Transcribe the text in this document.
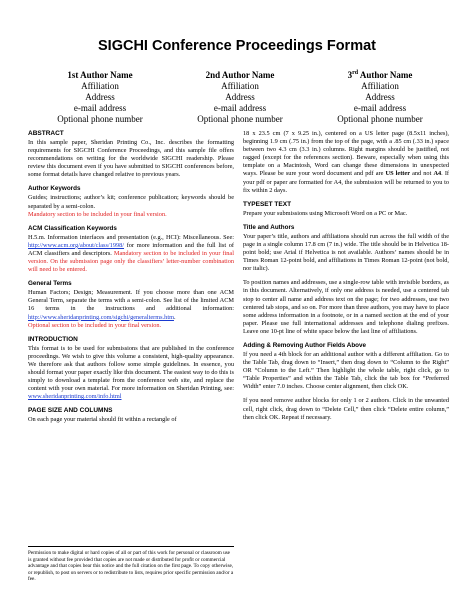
SIGCHI Conference Proceedings Format
1st Author Name
Affiliation
Address
e-mail address
Optional phone number
2nd Author Name
Affiliation
Address
e-mail address
Optional phone number
3rd Author Name
Affiliation
Address
e-mail address
Optional phone number
ABSTRACT

In this sample paper, Sheridan Printing Co., Inc. describes the formatting requirements for SIGCHI Conference Proceedings, and this sample file offers recommendations on writing for the worldwide SIGCHI readership. Please review this document even if you have submitted to SIGCHI conferences before, some format details have changed relative to previous years.

Author Keywords

Guides; instructions; author’s kit; conference publication; keywords should be separated by a semi-colon.
Mandatory section to be included in your final version.

ACM Classification Keywords

H.5.m. Information interfaces and presentation (e.g., HCI): Miscellaneous. See: http://www.acm.org/about/class/1998/ for more information and the full list of ACM classifiers and descriptors. Mandatory section to be included in your final version. On the submission page only the classifiers’ letter-number combination will need to be entered.

General Terms

Human Factors; Design; Measurement. If you choose more than one ACM General Term, separate the terms with a semi-colon. See list of the limited ACM 16 terms in the instructions and additional information: http://www.sheridanprinting.com/sigchi/generalterms.htm.
Optional section to be included in your final version.

INTRODUCTION

This format is to be used for submissions that are published in the conference proceedings. We wish to give this volume a consistent, high-quality appearance. We therefore ask that authors follow some simple guidelines. In essence, you should format your paper exactly like this document. The easiest way to do this is simply to download a template from the conference web site, and replace the content with your own material. For more information on Sheridan Printing, see: www.sheridanprinting.com/info.html

PAGE SIZE AND COLUMNS

On each page your material should fit within a rectangle of

Permission to make digital or hard copies of all or part of this work for personal or classroom use is granted without fee provided that copies are not made or distributed for profit or commercial advantage and that copies bear this notice and the full citation on the first page. To copy otherwise, or republish, to post on servers or to redistribute to lists, requires prior specific permission and/or a fee.

18 x 23.5 cm (7 x 9.25 in.), centered on a US letter page (8.5x11 inches), beginning 1.9 cm (.75 in.) from the top of the page, with a .85 cm (.33 in.) space between two 4.3 cm (3.3 in.) columns. Right margins should be justified, not ragged (except for the references section). Beware, especially when using this template on a Macintosh, Word can change these dimensions in unexpected ways. Please be sure your word document and pdf are US letter and not A4. If your pdf or paper are formatted for A4, the submission will be returned to you to fix within 2 days.

TYPESET TEXT

Prepare your submissions using Microsoft Word on a PC or Mac.

Title and Authors

Your paper’s title, authors and affiliations should run across the full width of the page in a single column 17.8 cm (7 in.) wide. The title should be in Helvetica 18-point bold; use Arial if Helvetica is not available. Authors’ names should be in Times Roman 12-point bold, and affiliations in Times Roman 12-point (not bold, nor italic).

To position names and addresses, use a single-row table with invisible borders, as in this document. Alternatively, if only one address is needed, use a centered tab stop to center all name and address text on the page; for two addresses, use two centered tab stops, and so on. For more than three authors, you may have to place some address information in a footnote, or in a named section at the end of your paper. Please use full international addresses and telephone dialing prefixes. Leave one 10-pt line of white space below the last line of affiliations.

Adding & Removing Author Fields Above

If you need a 4th block for an additional author with a different affiliation. Go to the Table Tab, drag down to “Insert,” then drag down to “Column to the Right” OR “Column to the Left.” Then highlight the whole table, right click, go to “Table Properties” and within the Table Tab, click the tab box for “Preferred Width” enter 7.0 inches. Choose center alignment, then click OK.

If you need remove author blocks for only 1 or 2 authors. Click in the unwanted cell, right click, drag down to “Delete Cell,” then click “Delete entire column,” then click OK. Repeat if necessary.
